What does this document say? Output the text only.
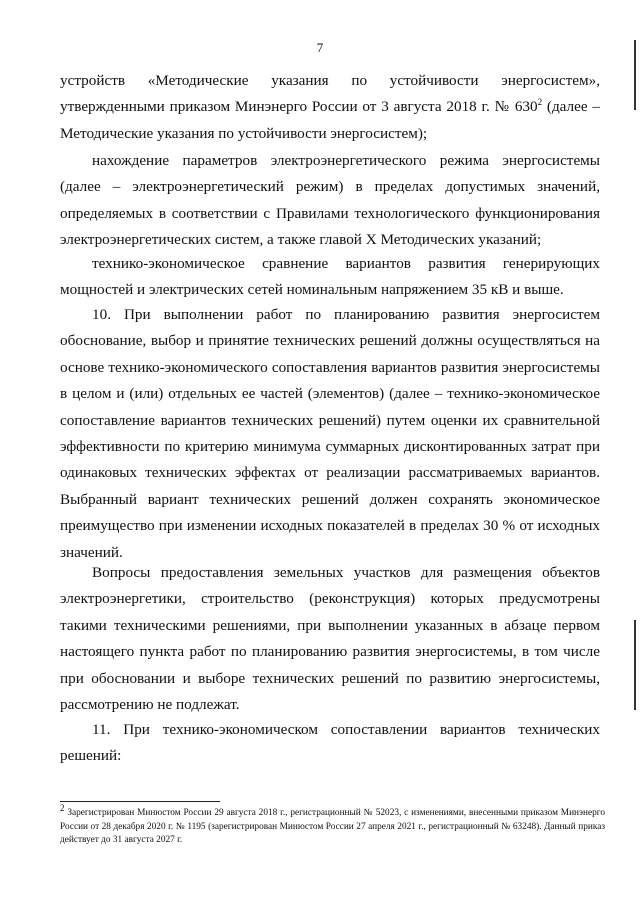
7

устройств «Методические указания по устойчивости энергосистем», утвержденными приказом Минэнерго России от 3 августа 2018 г. № $630^2$ (далее – Методические указания по устойчивости энергосистем);

нахождение параметров электроэнергетического режима энергосистемы (далее – электроэнергетический режим) в пределах допустимых значений, определяемых в соответствии с Правилами технологического функционирования электроэнергетических систем, а также главой X Методических указаний;

технико-экономическое сравнение вариантов развития генерирующих мощностей и электрических сетей номинальным напряжением 35 кВ и выше.

10. При выполнении работ по планированию развития энергосистем обоснование, выбор и принятие технических решений должны осуществляться на основе технико-экономического сопоставления вариантов развития энергосистемы в целом и (или) отдельных ее частей (элементов) (далее – технико-экономическое сопоставление вариантов технических решений) путем оценки их сравнительной эффективности по критерию минимума суммарных дисконтированных затрат при одинаковых технических эффектах от реализации рассматриваемых вариантов. Выбранный вариант технических решений должен сохранять экономическое преимущество при изменении исходных показателей в пределах 30 % от исходных значений.

Вопросы предоставления земельных участков для размещения объектов электроэнергетики, строительство (реконструкция) которых предусмотрены такими техническими решениями, при выполнении указанных в абзаце первом настоящего пункта работ по планированию развития энергосистемы, в том числе при обосновании и выборе технических решений по развитию энергосистемы, рассмотрению не подлежат.

11. При технико-экономическом сопоставлении вариантов технических решений:

$^2$ Зарегистрирован Минюстом России 29 августа 2018 г., регистрационный № 52023, с изменениями, внесенными приказом Минэнерго России от 28 декабря 2020 г. № 1195 (зарегистрирован Минюстом России 27 апреля 2021 г., регистрационный № 63248). Данный приказ действует до 31 августа 2027 г.
